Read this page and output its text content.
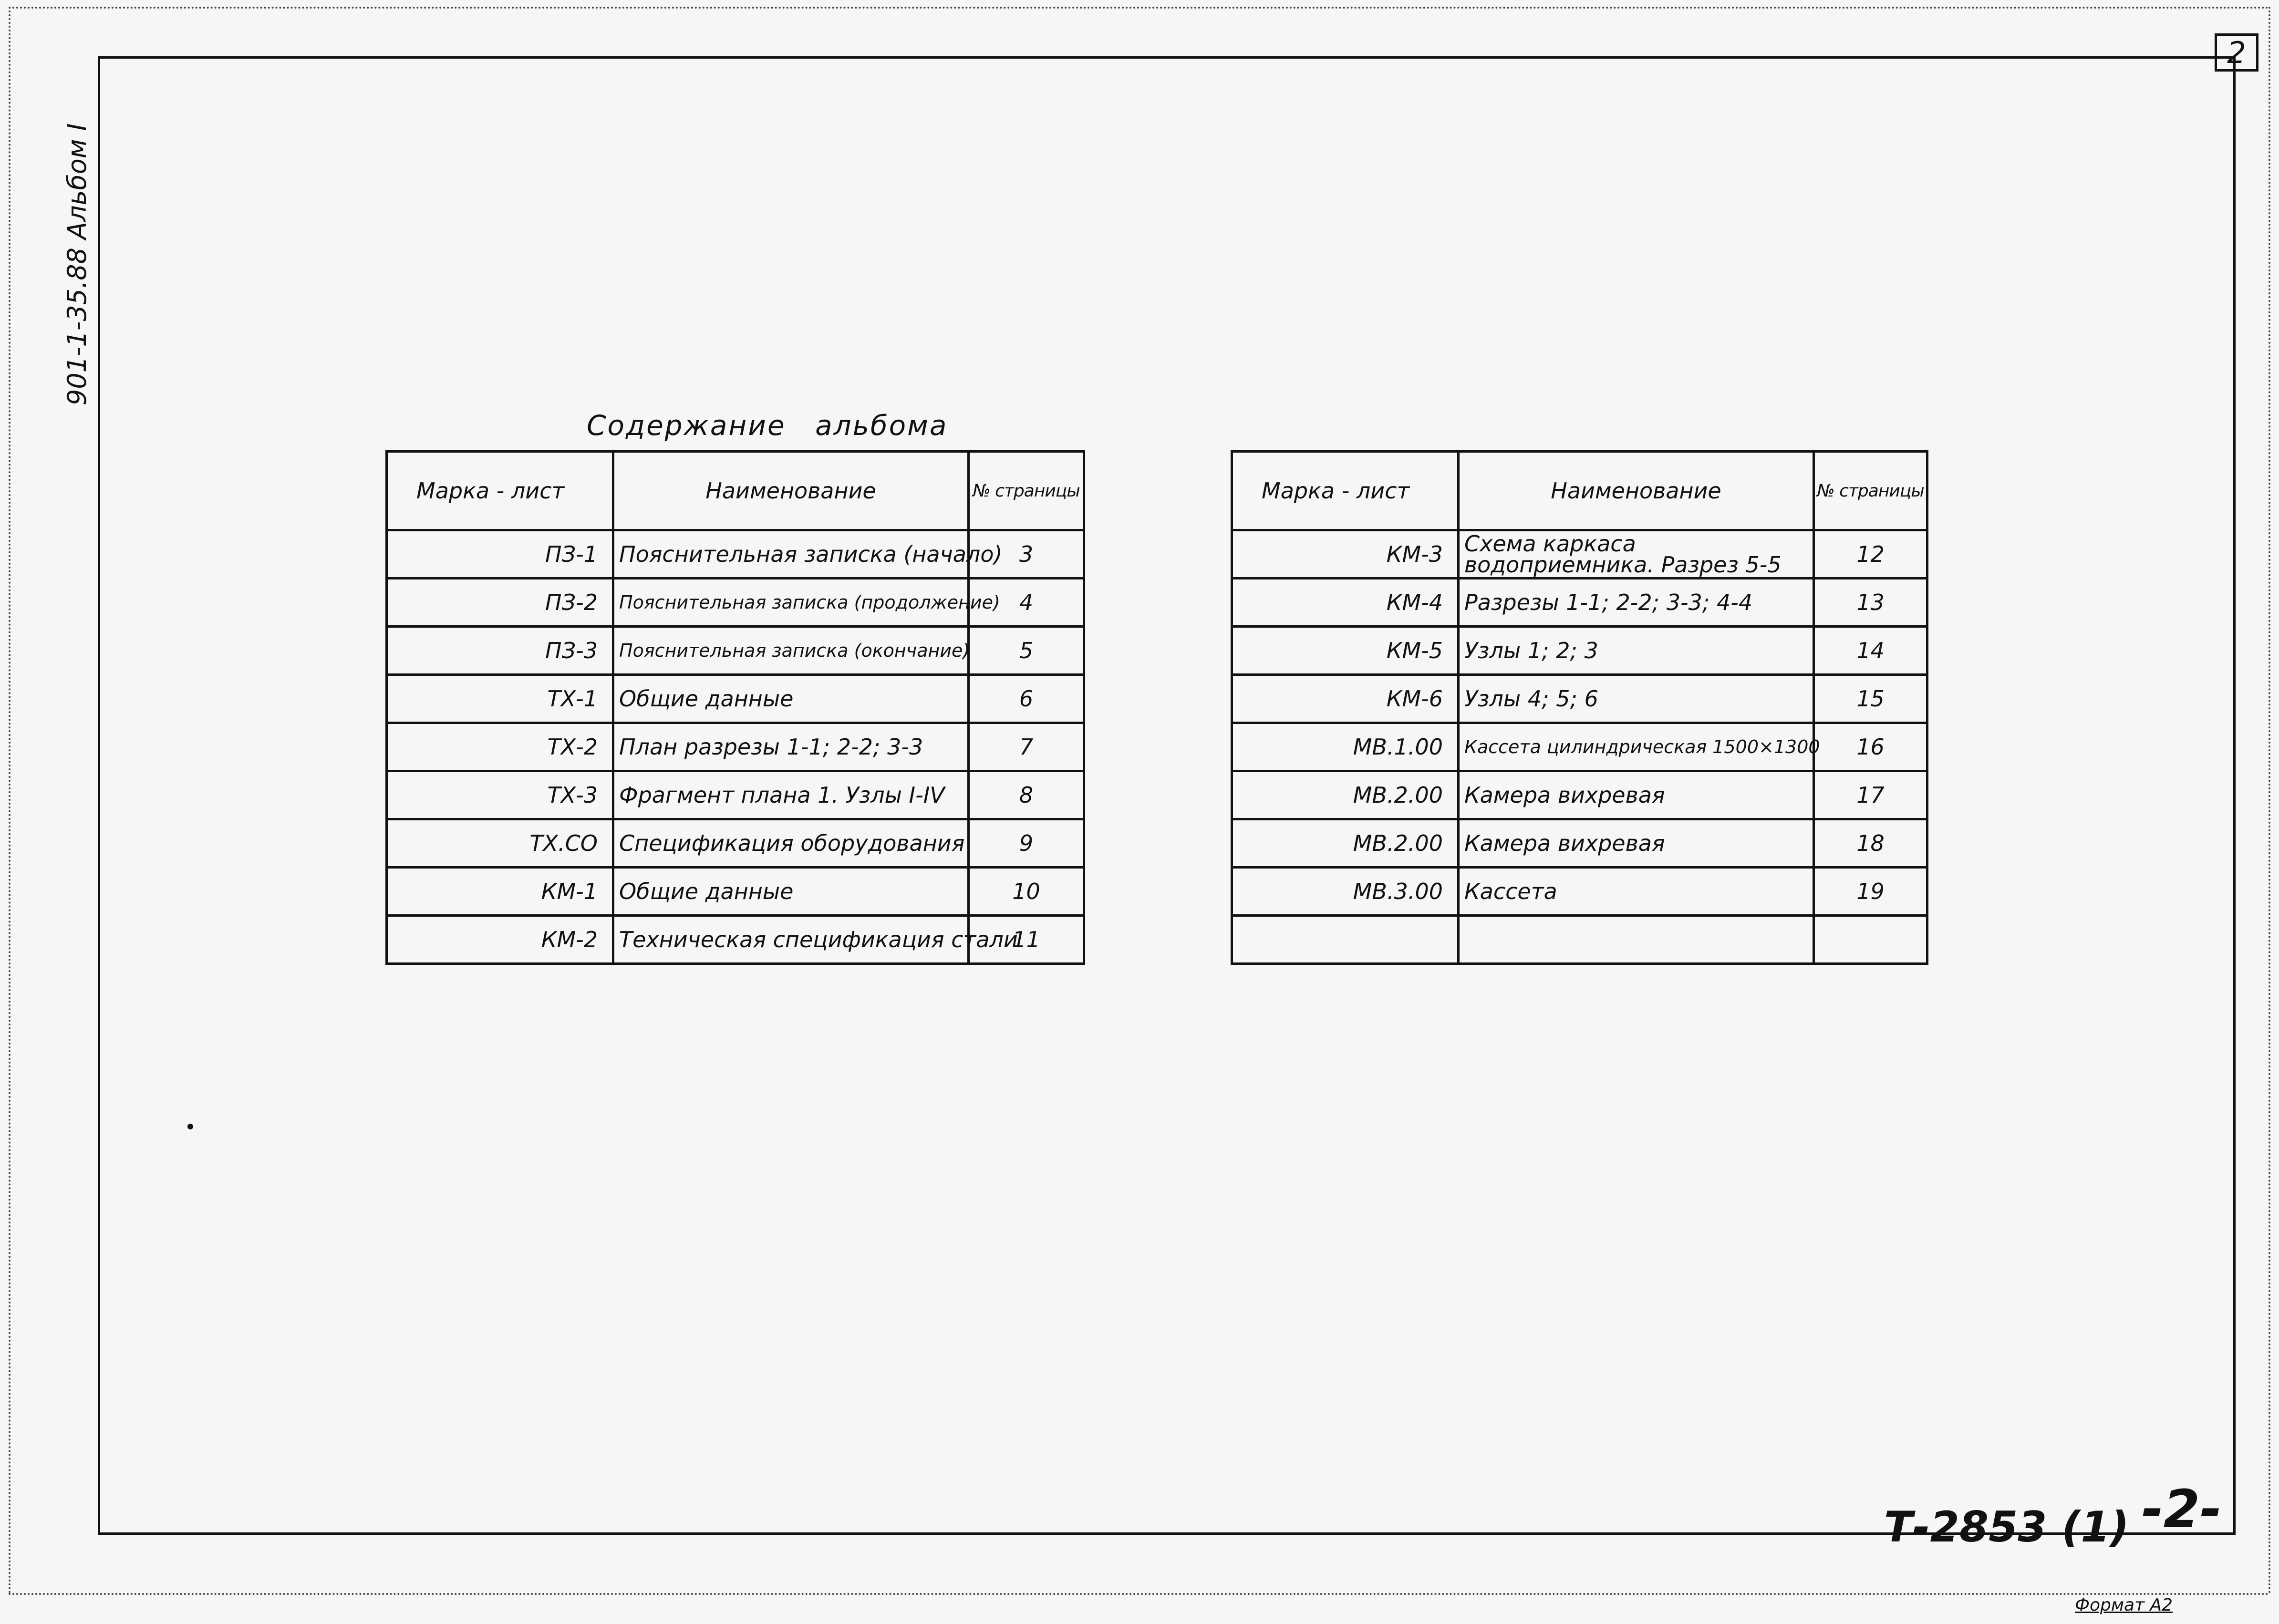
2
901-1-35.88 Альбом I
Содержание альбома
Марка - лист	Наименование	№ страницы
ПЗ-1	Пояснительная записка (начало)	3
ПЗ-2	Пояснительная записка (продолжение)	4
ПЗ-3	Пояснительная записка (окончание)	5
ТХ-1	Общие данные	6
ТХ-2	План разрезы 1-1; 2-2; 3-3	7
ТХ-3	Фрагмент плана 1. Узлы I-IV	8
ТХ.СО	Спецификация оборудования	9
КМ-1	Общие данные	10
КМ-2	Техническая спецификация стали	11
Марка - лист	Наименование	№ страницы
КМ-3	Схема каркаса водоприемника. Разрез 5-5	12
КМ-4	Разрезы 1-1; 2-2; 3-3; 4-4	13
КМ-5	Узлы 1; 2; 3	14
КМ-6	Узлы 4; 5; 6	15
МВ.1.00	Кассета цилиндрическая 1500×1300	16
МВ.2.00	Камера вихревая	17
МВ.2.00	Камера вихревая	18
МВ.3.00	Кассета	19

Т-2853 (1) -2-
Формат А2
